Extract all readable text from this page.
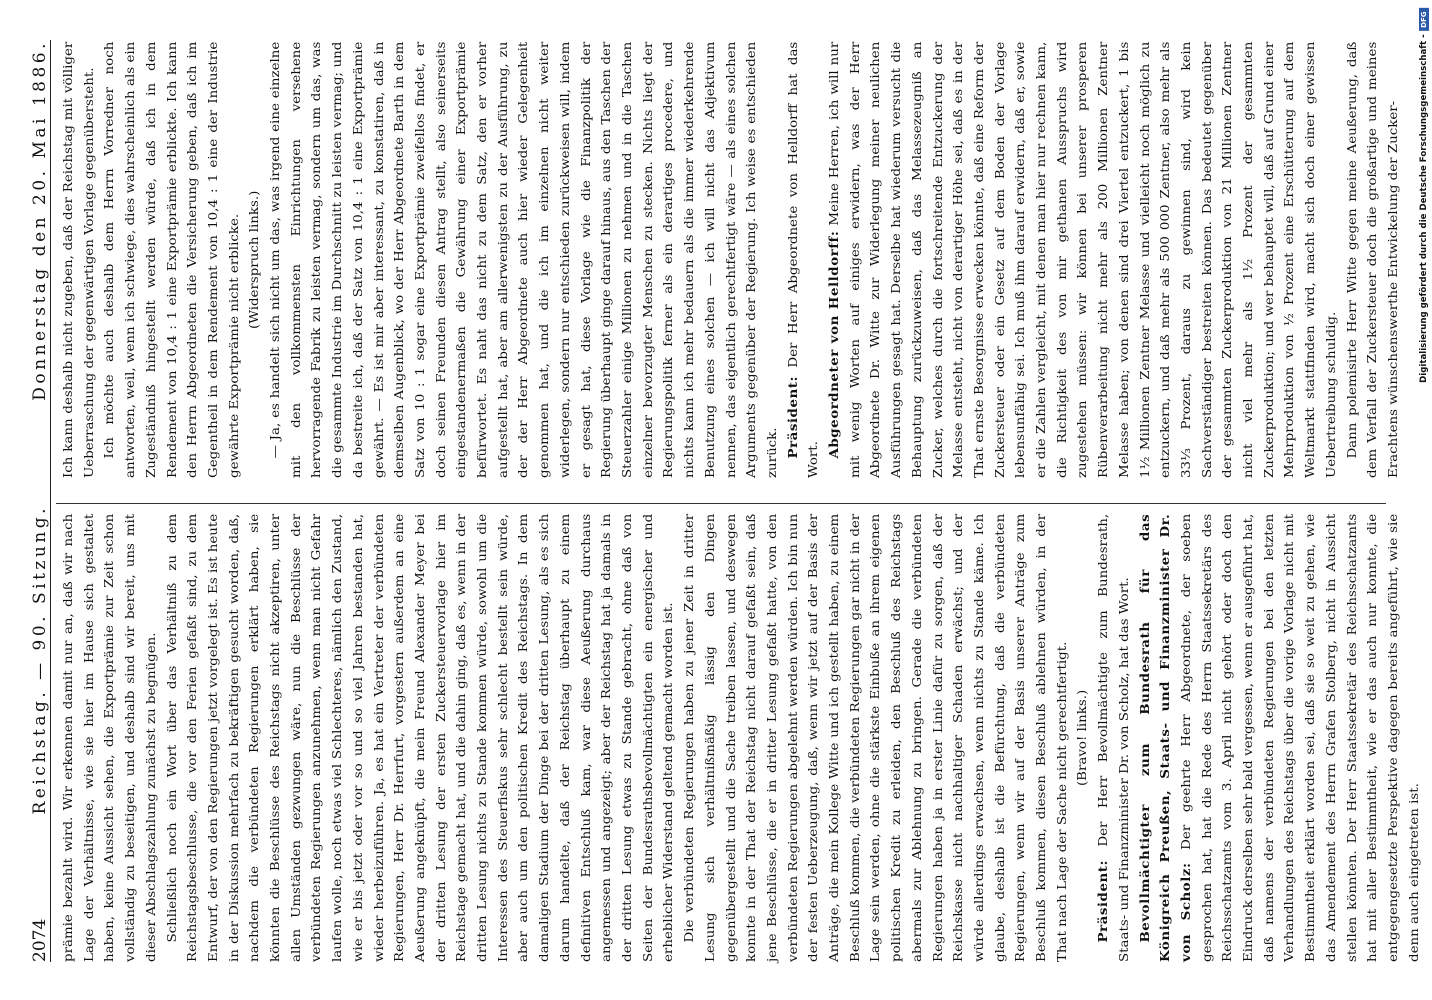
2074
Reichstag. — 90. Sitzung.
Donnerstag den 20. Mai 1886.

prämie bezahlt wird. Wir erkennen damit nur an, daß wir nach Lage der Verhältnisse, wie sie hier im Hause sich gestaltet haben, keine Aussicht sehen, die Exportprämie zur Zeit schon vollständig zu beseitigen, und deshalb sind wir bereit, uns mit dieser Abschlagszahlung zunächst zu begnügen. Schließlich noch ein Wort über das Verhältniß zu dem Reichstagsbeschlusse, die vor den Ferien gefaßt sind, zu dem Entwurf, der von den Regierungen jetzt vorgelegt ist. Es ist heute in der Diskussion mehrfach zu bekräftigen gesucht worden, daß, nachdem die verbündeten Regierungen erklärt haben, sie könnten die Beschlüsse des Reichstags nicht akzeptiren, unter allen Umständen gezwungen wäre, nun die Beschlüsse der verbündeten Regierungen anzunehmen, wenn man nicht Gefahr laufen wolle, noch etwas viel Schlechteres, nämlich den Zustand, wie er bis jetzt oder vor so und so viel Jahren bestanden hat, wieder herbeizuführen. Ja, es hat ein Vertreter der verbündeten Regierungen, Herr Dr. Herrfurt, vorgestern außerdem an eine Aeußerung angeknüpft, die mein Freund Alexander Meyer bei der dritten Lesung der ersten Zuckersteuervorlage hier im Reichstage gemacht hat, und die dahin ging, daß es, wenn in der dritten Lesung nichts zu Stande kommen würde, sowohl um die Interessen des Steuerfiskus sehr schlecht bestellt sein würde, aber auch um den politischen Kredit des Reichstags. In dem damaligen Stadium der Dinge bei der dritten Lesung, als es sich darum handelte, daß der Reichstag überhaupt zu einem definitiven Entschluß kam, war diese Aeußerung durchaus angemessen und angezeigt; aber der Reichstag hat ja damals in der dritten Lesung etwas zu Stande gebracht, ohne daß von Seiten der Bundesrathsbevollmächtigten ein energischer und erheblicher Widerstand geltend gemacht worden ist. Die verbündeten Regierungen haben zu jener Zeit in dritter Lesung sich verhältnißmäßig lässig den Dingen gegenübergestellt und die Sache treiben lassen, und deswegen konnte in der That der Reichstag nicht darauf gefaßt sein, daß jene Beschlüsse, die er in dritter Lesung gefaßt hatte, von den verbündeten Regierungen abgelehnt werden würden. Ich bin nun der festen Ueberzeugung, daß, wenn wir jetzt auf der Basis der Anträge, die mein Kollege Witte und ich gestellt haben, zu einem Beschluß kommen, die verbündeten Regierungen gar nicht in der Lage sein werden, ohne die stärkste Einbuße an ihrem eigenen politischen Kredit zu erleiden, den Beschluß des Reichstags abermals zur Ablehnung zu bringen. Gerade die verbündeten Regierungen haben ja in erster Linie dafür zu sorgen, daß der Reichskasse nicht nachhaltiger Schaden erwächst; und der würde allerdings erwachsen, wenn nichts zu Stande käme. Ich glaube, deshalb ist die Befürchtung, daß die verbündeten Regierungen, wenn wir auf der Basis unserer Anträge zum Beschluß kommen, diesen Beschluß ablehnen würden, in der That nach Lage der Sache nicht gerechtfertigt. (Bravo! links.)

Präsident: Der Herr Bevollmächtigte zum Bundesrath, Staats- und Finanzminister Dr. von Scholz, hat das Wort. Bevollmächtigter zum Bundesrath für das Königreich Preußen, Staats- und Finanzminister Dr. von Scholz: Der geehrte Herr Abgeordnete, der soeben gesprochen hat, hat die Rede des Herrn Staatssekretärs des Reichsschatzamts vom 3. April nicht gehört oder doch den Eindruck derselben sehr bald vergessen, wenn er ausgeführt hat, daß namens der verbündeten Regierungen bei den letzten Verhandlungen des Reichstags über die vorige Vorlage nicht mit Bestimmtheit erklärt worden sei, daß sie so weit zu gehen, wie das Amendement des Herrn Grafen Stolberg, nicht in Aussicht stellen könnten. Der Herr Staatssekretär des Reichsschatzamts hat mit aller Bestimmtheit, wie er das auch nur konnte, die entgegengesetzte Perspektive dagegen bereits angeführt, wie sie denn auch eingetreten ist.

Ich kann deshalb nicht zugeben, daß der Reichstag mit völliger Ueberraschung der gegenwärtigen Vorlage gegenübersteht. Ich möchte auch deshalb dem Herrn Vorredner noch antworten, weil, wenn ich schwiege, dies wahrscheinlich als ein Zugeständniß hingestellt werden würde, daß ich in dem Rendement von 10,4 : 1 eine Exportprämie erblickte. Ich kann den Herrn Abgeordneten die Versicherung geben, daß ich im Gegentheil in dem Rendement von 10,4 : 1 eine der Industrie gewährte Exportprämie nicht erblicke. (Widerspruch links.) — Ja, es handelt sich nicht um das, was irgend eine einzelne mit den vollkommensten Einrichtungen versehene hervorragende Fabrik zu leisten vermag, sondern um das, was die gesammte Industrie im Durchschnitt zu leisten vermag; und da bestreite ich, daß der Satz von 10,4 : 1 eine Exportprämie gewährt. — Es ist mir aber interessant, zu konstatiren, daß in demselben Augenblick, wo der Herr Abgeordnete Barth in dem Satz von 10 : 1 sogar eine Exportprämie zweifellos findet, er doch seinen Freunden diesen Antrag stellt, also seinerseits eingestandenermaßen die Gewährung einer Exportprämie befürwortet. Es naht das nicht zu dem Satz, den er vorher aufgestellt hat, aber am allerwenigsten zu der Ausführung, zu der der Herr Abgeordnete auch hier wieder Gelegenheit genommen hat, und die ich im einzelnen nicht weiter widerlegen, sondern nur entschieden zurückweisen will, indem er gesagt hat, diese Vorlage wie die Finanzpolitik der Regierung überhaupt ginge darauf hinaus, aus den Taschen der Steuerzahler einige Millionen zu nehmen und in die Taschen einzelner bevorzugter Menschen zu stecken. Nichts liegt der Regierungspolitik ferner als ein derartiges procedere, und nichts kann ich mehr bedauern als die immer wiederkehrende Benutzung eines solchen — ich will nicht das Adjektivum nennen, das eigentlich gerechtfertigt wäre — als eines solchen Arguments gegenüber der Regierung. Ich weise es entschieden zurück. Präsident: Der Herr Abgeordnete von Helldorff hat das Wort.

Abgeordneter von Helldorff: Meine Herren, ich will nur mit wenig Worten auf einiges erwidern, was der Herr Abgeordnete Dr. Witte zur Widerlegung meiner neulichen Ausführungen gesagt hat. Derselbe hat wiederum versucht die Behauptung zurückzuweisen, daß das Melassezeugniß an Zucker, welches durch die fortschreitende Entzuckerung der Melasse entsteht, nicht von derartiger Höhe sei, daß es in der That ernste Besorgnisse erwecken könnte, daß eine Reform der Zuckersteuer oder ein Gesetz auf dem Boden der Vorlage lebensunfähig sei. Ich muß ihm darauf erwidern, daß er, sowie er die Zahlen vergleicht, mit denen man hier nur rechnen kann, die Richtigkeit des von mir gethanen Ausspruchs wird zugestehen müssen: wir können bei unserer prosperen Rübenverarbeitung nicht mehr als 200 Millionen Zentner Melasse haben; von denen sind drei Viertel entzuckert, 1 bis 1½ Millionen Zentner Melasse und vielleicht noch möglich zu entzuckern, und daß mehr als 500 000 Zentner, also mehr als 33⅓ Prozent, daraus zu gewinnen sind, wird kein Sachverständiger bestreiten können. Das bedeutet gegenüber der gesammten Zuckerproduktion von 21 Millionen Zentner nicht viel mehr als 1½ Prozent der gesammten Zuckerproduktion; und wer behauptet will, daß auf Grund einer Mehrproduktion von ½ Prozent eine Erschütterung auf dem Weltmarkt stattfinden wird, macht sich doch einer gewissen Uebertreibung schuldig. Dann polemisirte Herr Witte gegen meine Aeußerung, daß dem Verfall der Zuckersteuer doch die großartige und meines Erachtens wünschenswerthe Entwickelung der Zucker-	Digitalisierung gefördert durch die Deutsche Forschungsgemeinschaft -
DFG
